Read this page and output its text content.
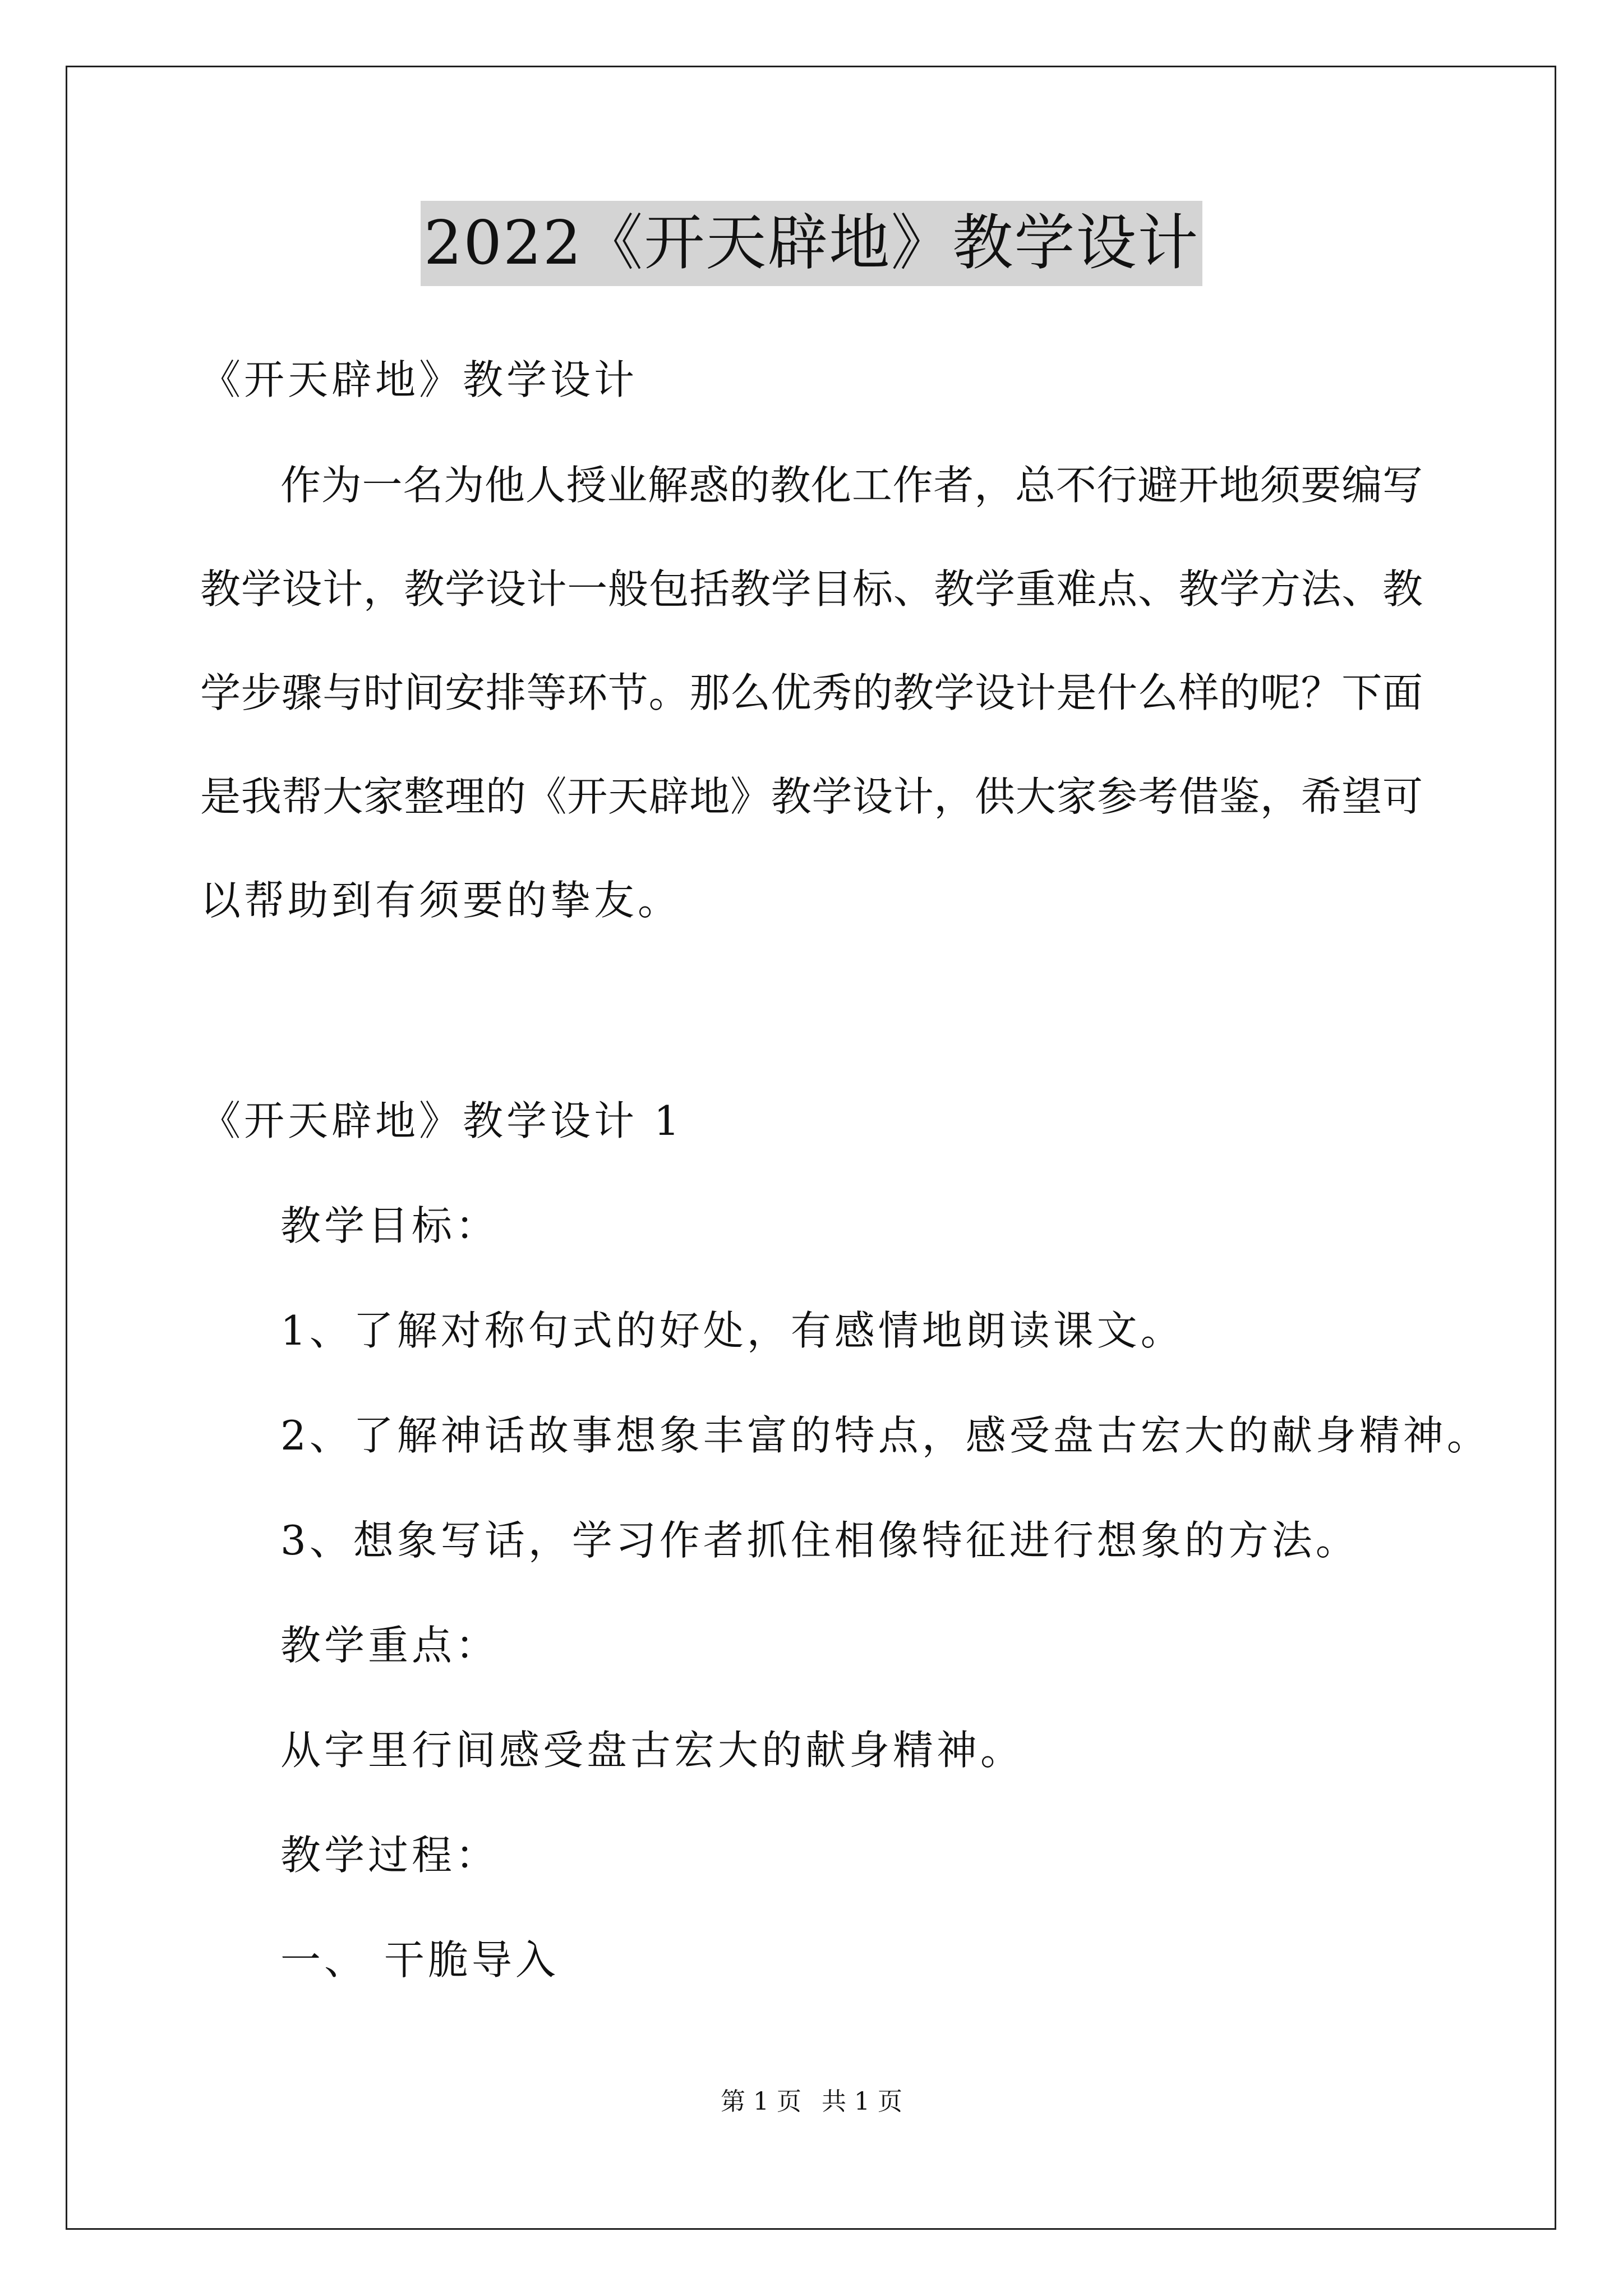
2022《开天辟地》教学设计
《开天辟地》教学设计
作为一名为他人授业解惑的教化工作者，总不行避开地须要编写
教学设计，教学设计一般包括教学目标、教学重难点、教学方法、教
学步骤与时间安排等环节。那么优秀的教学设计是什么样的呢？下面
是我帮大家整理的《开天辟地》教学设计，供大家参考借鉴，希望可
以帮助到有须要的挚友。
《开天辟地》教学设计 1
教学目标：
1、了解对称句式的好处，有感情地朗读课文。
2、了解神话故事想象丰富的特点，感受盘古宏大的献身精神。
3、想象写话，学习作者抓住相像特征进行想象的方法。
教学重点：
从字里行间感受盘古宏大的献身精神。
教学过程：
一、 干脆导入
第 1 页 共 1 页
